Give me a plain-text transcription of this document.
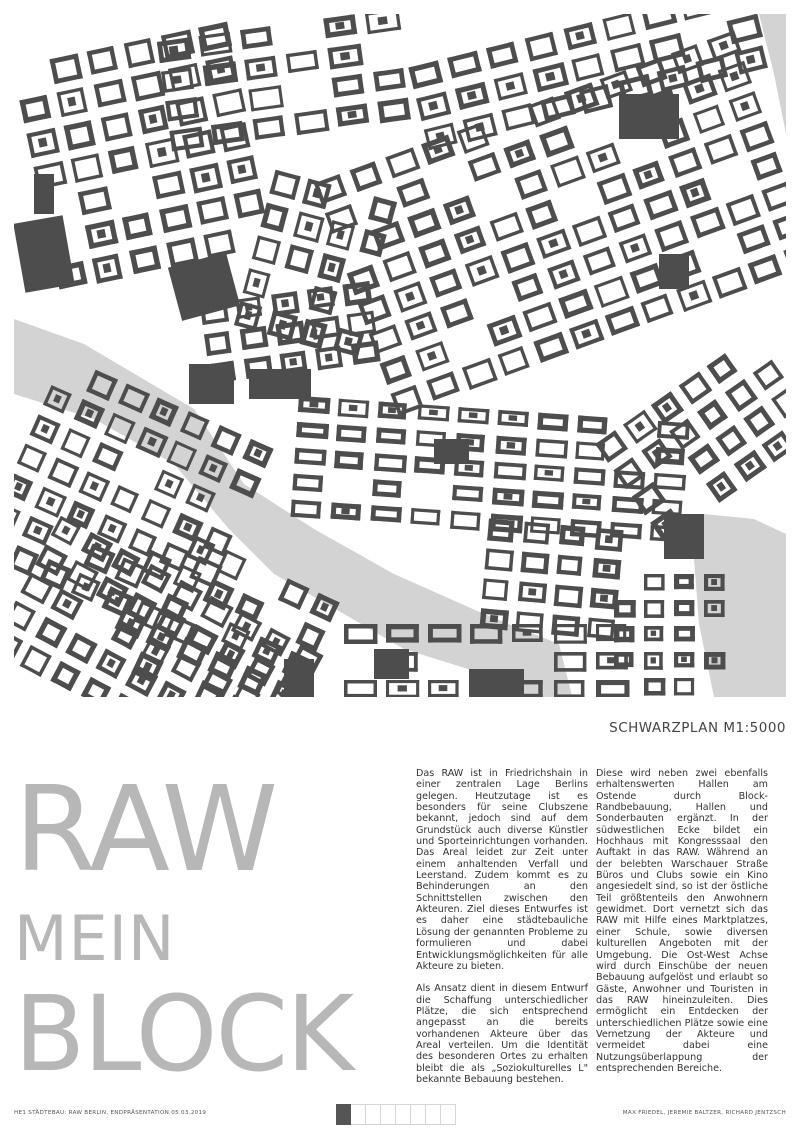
SCHWARZPLAN M1:5000
RAW
MEIN
BLOCK

Das RAW ist in Friedrichshain in einer zentralen Lage Berlins gelegen. Heutzutage ist es besonders für seine Clubszene bekannt, jedoch sind auf dem Grundstück auch diverse Künstler und Sporteinrichtungen vorhanden. Das Areal leidet zur Zeit unter einem anhaltenden Verfall und Leerstand. Zudem kommt es zu Behinderungen an den Schnittstellen zwischen den Akteuren. Ziel dieses Entwurfes ist es daher eine städtebauliche Lösung der genannten Probleme zu formulieren und dabei Entwicklungsmöglichkeiten für alle Akteure zu bieten.

Als Ansatz dient in diesem Entwurf die Schaffung unterschiedlicher Plätze, die sich entsprechend angepasst an die bereits vorhandenen Akteure über das Areal verteilen. Um die Identität des besonderen Ortes zu erhalten bleibt die als „Soziokulturelles L" bekannte Bebauung bestehen.

Diese wird neben zwei ebenfalls erhaltenswerten Hallen am Ostende durch Block-Randbebauung, Hallen und Sonderbauten ergänzt. In der südwestlichen Ecke bildet ein Hochhaus mit Kongresssaal den Auftakt in das RAW. Während an der belebten Warschauer Straße Büros und Clubs sowie ein Kino angesiedelt sind, so ist der östliche Teil größtenteils den Anwohnern gewidmet. Dort vernetzt sich das RAW mit Hilfe eines Marktplatzes, einer Schule, sowie diversen kulturellen Angeboten mit der Umgebung. Die Ost-West Achse wird durch Einschübe der neuen Bebauung aufgelöst und erlaubt so Gäste, Anwohner und Touristen in das RAW hineinzuleiten. Dies ermöglicht ein Entdecken der unterschiedlichen Plätze sowie eine Vernetzung der Akteure und vermeidet dabei eine Nutzungsüberlappung der entsprechenden Bereiche.

HE1 STÄDTEBAU: RAW BERLIN, ENDPRÄSENTATION 05.03.2019	MAX FRIEDEL, JEREMIE BALTZER, RICHARD JENTZSCH
